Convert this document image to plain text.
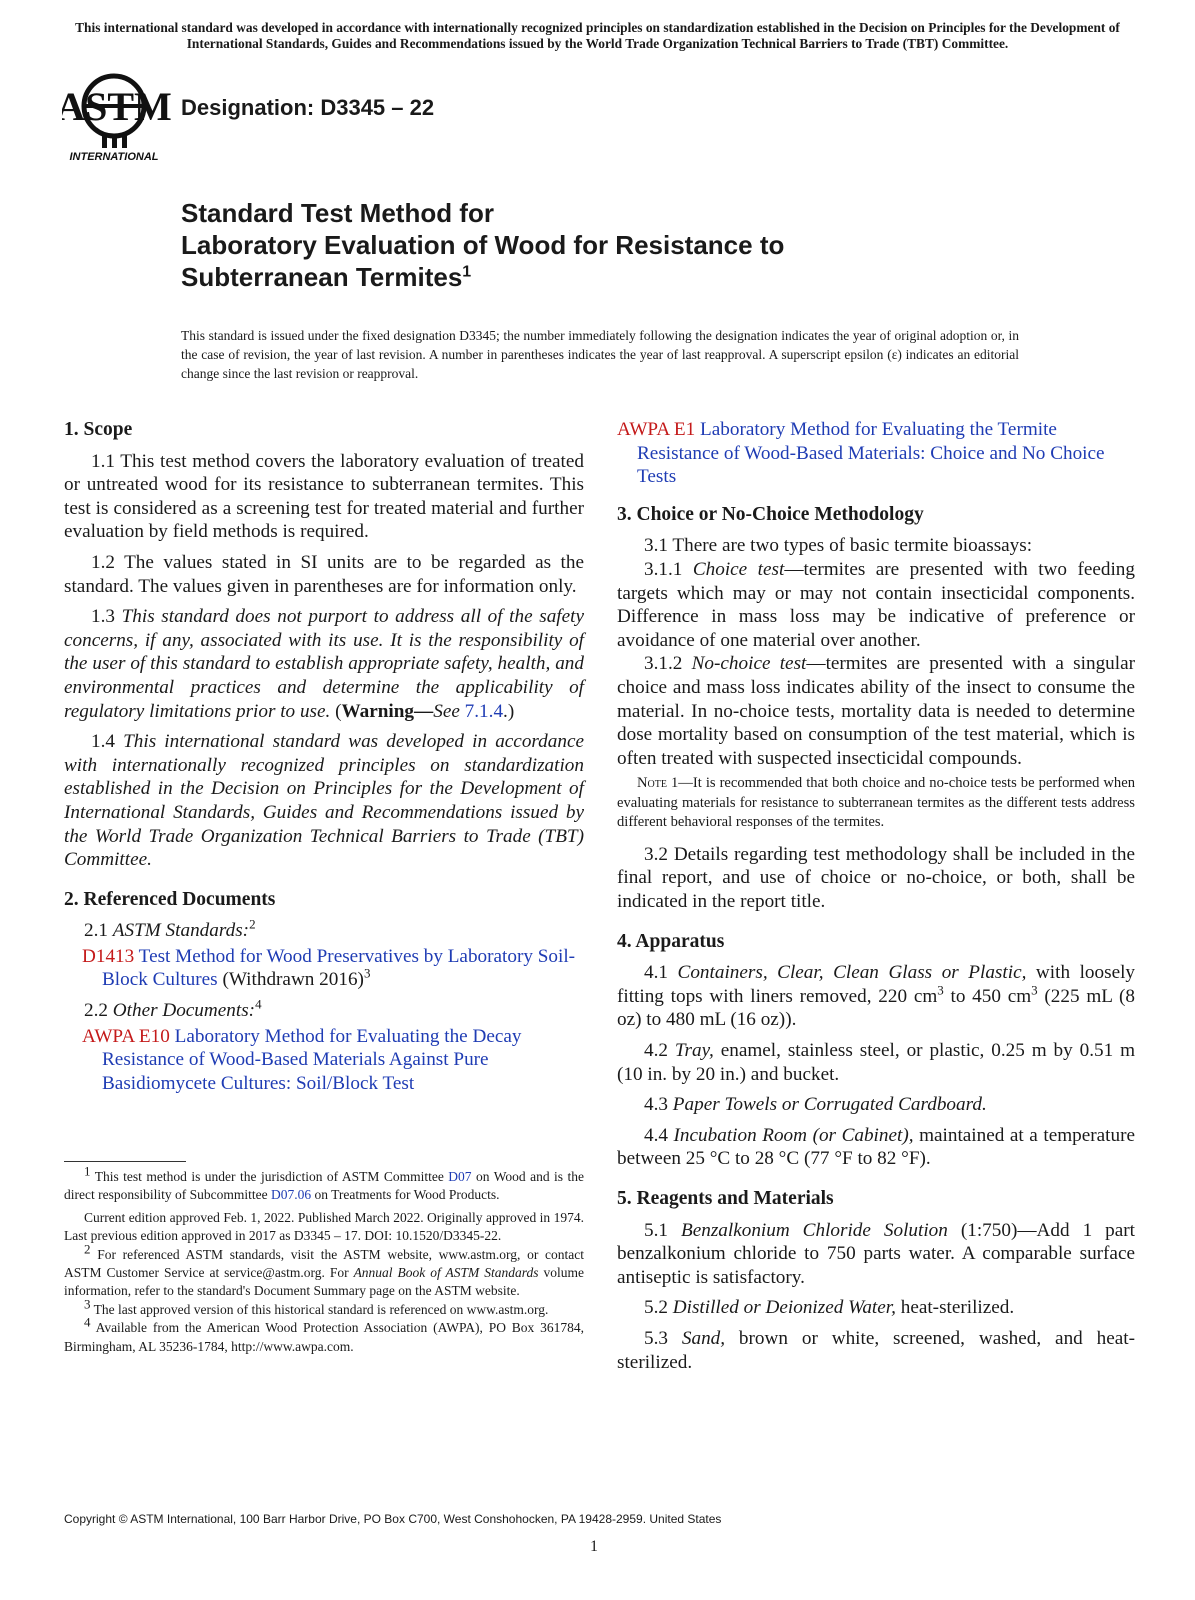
This international standard was developed in accordance with internationally recognized principles on standardization established in the Decision on Principles for the Development of International Standards, Guides and Recommendations issued by the World Trade Organization Technical Barriers to Trade (TBT) Committee.
ASTM
INTERNATIONAL
Designation: D3345 – 22
Standard Test Method for
Laboratory Evaluation of Wood for Resistance to
Subterranean Termites$^1$
This standard is issued under the fixed designation D3345; the number immediately following the designation indicates the year of original adoption or, in the case of revision, the year of last revision. A number in parentheses indicates the year of last reapproval. A superscript epsilon (ε) indicates an editorial change since the last revision or reapproval.
1. Scope

1.1 This test method covers the laboratory evaluation of treated or untreated wood for its resistance to subterranean termites. This test is considered as a screening test for treated material and further evaluation by field methods is required.

1.2 The values stated in SI units are to be regarded as the standard. The values given in parentheses are for information only.

1.3 This standard does not purport to address all of the safety concerns, if any, associated with its use. It is the responsibility of the user of this standard to establish appropriate safety, health, and environmental practices and determine the applicability of regulatory limitations prior to use. (Warning—See 7.1.4.)

1.4 This international standard was developed in accordance with internationally recognized principles on standardization established in the Decision on Principles for the Development of International Standards, Guides and Recommendations issued by the World Trade Organization Technical Barriers to Trade (TBT) Committee.

2. Referenced Documents
2.1 ASTM Standards:$^2$

D1413 Test Method for Wood Preservatives by Laboratory Soil-Block Cultures (Withdrawn 2016)$^3$

2.2 Other Documents:$^4$

AWPA E10 Laboratory Method for Evaluating the Decay Resistance of Wood-Based Materials Against Pure Basidiomycete Cultures: Soil/Block Test

1 This test method is under the jurisdiction of ASTM Committee D07 on Wood and is the direct responsibility of Subcommittee D07.06 on Treatments for Wood Products.

Current edition approved Feb. 1, 2022. Published March 2022. Originally approved in 1974. Last previous edition approved in 2017 as D3345 – 17. DOI: 10.1520/D3345-22.

2 For referenced ASTM standards, visit the ASTM website, www.astm.org, or contact ASTM Customer Service at service@astm.org. For Annual Book of ASTM Standards volume information, refer to the standard's Document Summary page on the ASTM website.

3 The last approved version of this historical standard is referenced on www.astm.org.

4 Available from the American Wood Protection Association (AWPA), PO Box 361784, Birmingham, AL 35236-1784, http://www.awpa.com.

AWPA E1 Laboratory Method for Evaluating the Termite Resistance of Wood-Based Materials: Choice and No Choice Tests

3. Choice or No-Choice Methodology

3.1 There are two types of basic termite bioassays:

3.1.1 Choice test—termites are presented with two feeding targets which may or may not contain insecticidal components. Difference in mass loss may be indicative of preference or avoidance of one material over another.

3.1.2 No-choice test—termites are presented with a singular choice and mass loss indicates ability of the insect to consume the material. In no-choice tests, mortality data is needed to determine dose mortality based on consumption of the test material, which is often treated with suspected insecticidal compounds.

Note 1—It is recommended that both choice and no-choice tests be performed when evaluating materials for resistance to subterranean termites as the different tests address different behavioral responses of the termites.

3.2 Details regarding test methodology shall be included in the final report, and use of choice or no-choice, or both, shall be indicated in the report title.

4. Apparatus

4.1 Containers, Clear, Clean Glass or Plastic, with loosely fitting tops with liners removed, 220 $cm^3$ to 450 $cm^3$ (225 mL (8 oz) to 480 mL (16 oz)).

4.2 Tray, enamel, stainless steel, or plastic, 0.25 m by 0.51 m (10 in. by 20 in.) and bucket.

4.3 Paper Towels or Corrugated Cardboard.

4.4 Incubation Room (or Cabinet), maintained at a temperature between 25 °C to 28 °C (77 °F to 82 °F).

5. Reagents and Materials

5.1 Benzalkonium Chloride Solution (1:750)—Add 1 part benzalkonium chloride to 750 parts water. A comparable surface antiseptic is satisfactory.

5.2 Distilled or Deionized Water, heat-sterilized.

5.3 Sand, brown or white, screened, washed, and heat-sterilized.

Copyright © ASTM International, 100 Barr Harbor Drive, PO Box C700, West Conshohocken, PA 19428-2959. United States
1
